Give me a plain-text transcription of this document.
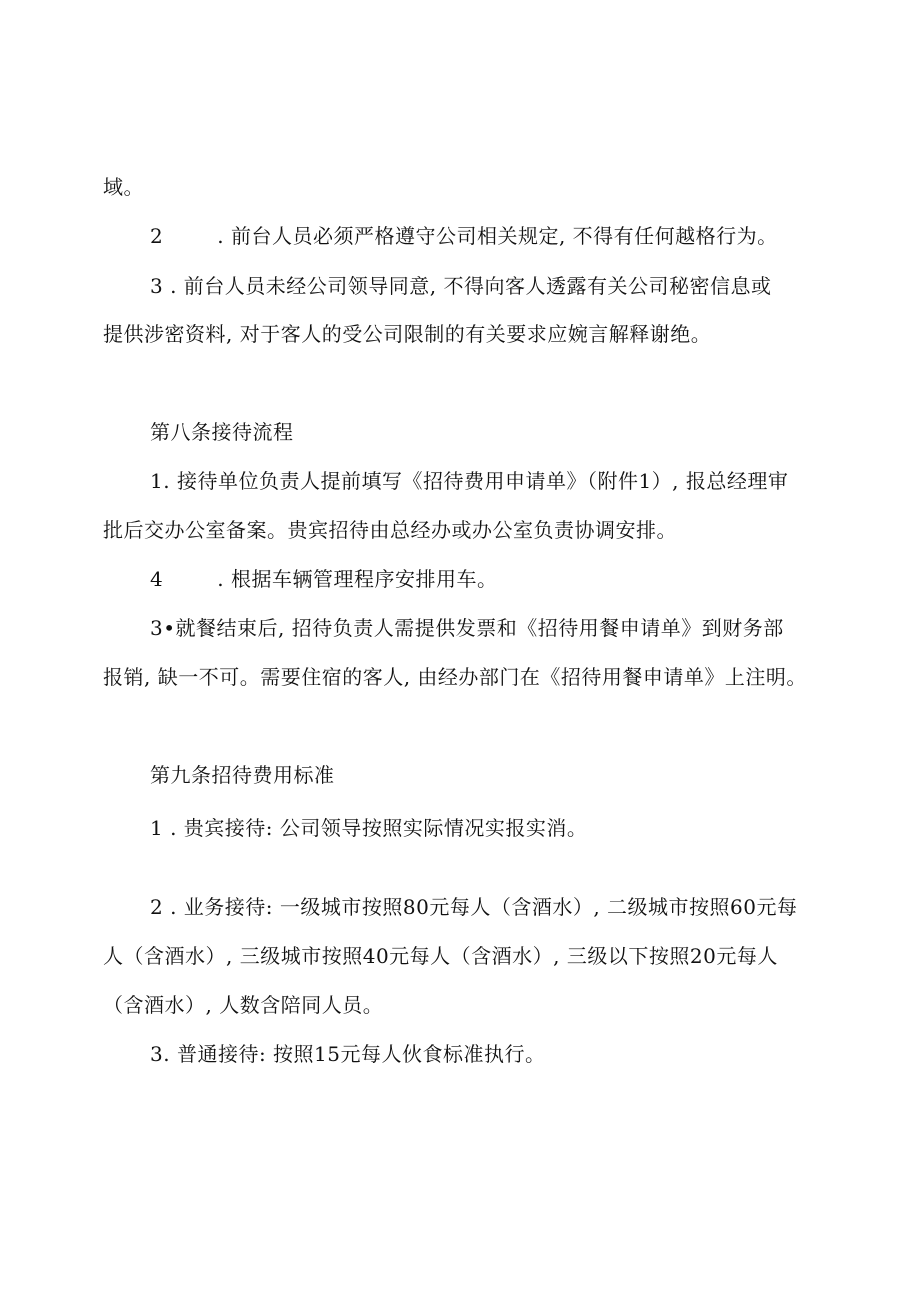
域。
2	. 前台人员必须严格遵守公司相关规定, 不得有任何越格行为。
3 . 前台人员未经公司领导同意, 不得向客人透露有关公司秘密信息或
提供涉密资料, 对于客人的受公司限制的有关要求应婉言解释谢绝。
第八条接待流程
1. 接待单位负责人提前填写《招待费用申请单》（附件1）, 报总经理审
批后交办公室备案。贵宾招待由总经办或办公室负责协调安排。
4	. 根据车辆管理程序安排用车。
3•就餐结束后, 招待负责人需提供发票和《招待用餐申请单》到财务部
报销, 缺一不可。需要住宿的客人, 由经办部门在《招待用餐申请单》上注明。
第九条招待费用标准
1 . 贵宾接待: 公司领导按照实际情况实报实消。
2 . 业务接待: 一级城市按照80元每人（含酒水）, 二级城市按照60元每
人（含酒水）, 三级城市按照40元每人（含酒水）, 三级以下按照20元每人
（含酒水）, 人数含陪同人员。
3. 普通接待: 按照15元每人伙食标准执行。
